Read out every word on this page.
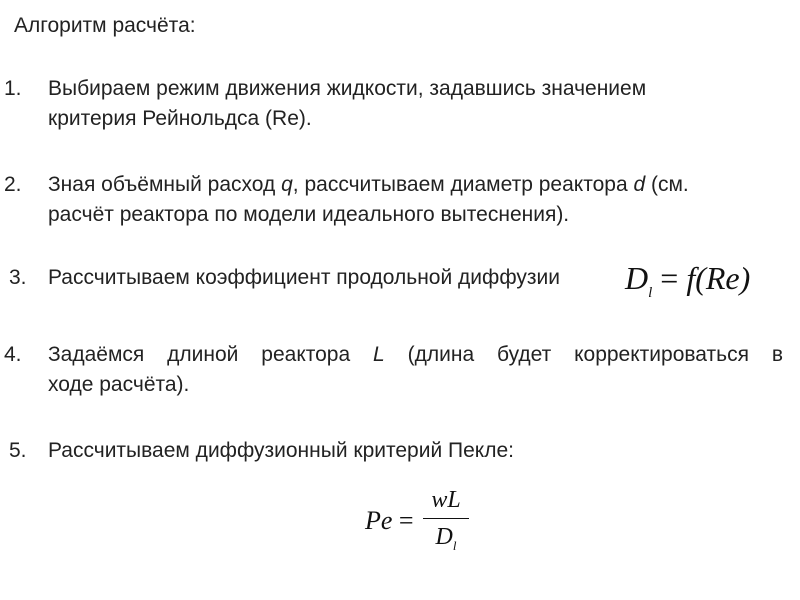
Алгоритм расчёта:
1. Выбираем режим движения жидкости, задавшись значением
критерия Рейнольдса (Re).
2. Зная объёмный расход q, рассчитываем диаметр реактора d (см.
расчёт реактора по модели идеального вытеснения).
3. Рассчитываем коэффициент продольной диффузии $D_l = f(Re)$
4. Задаёмся длиной реактора L (длина будет корректироваться в
ходе расчёта).
5. Рассчитываем диффузионный критерий Пекле:
Pe =
wL
$D_l$
